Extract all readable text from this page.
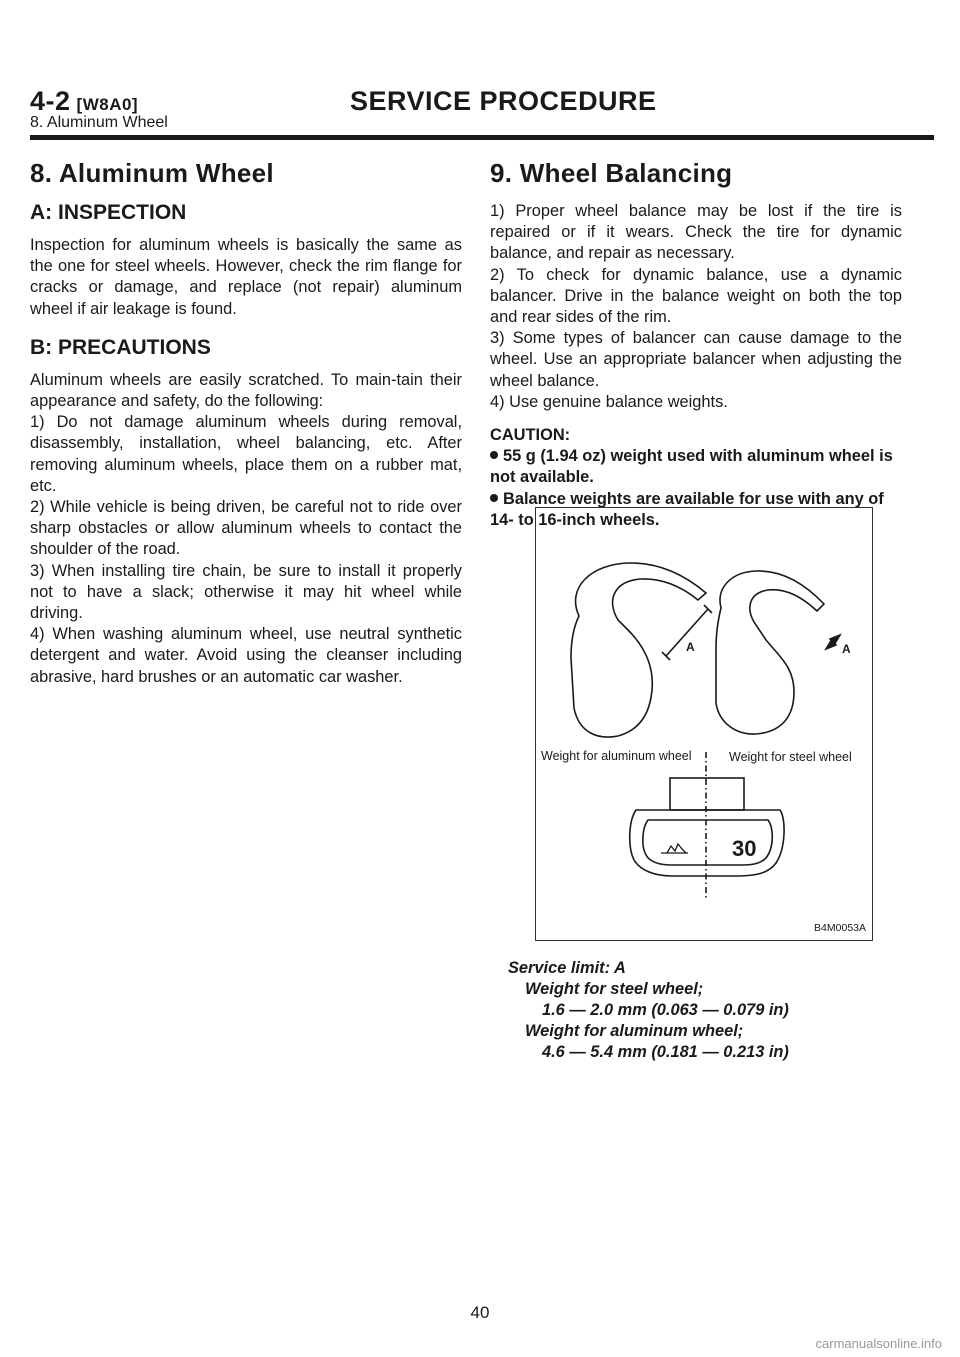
4-2 [W8A0]	SERVICE PROCEDURE
8. Aluminum Wheel
8. Aluminum Wheel
A: INSPECTION

Inspection for aluminum wheels is basically the same as the one for steel wheels. However, check the rim flange for cracks or damage, and replace (not repair) aluminum wheel if air leakage is found.

B: PRECAUTIONS

Aluminum wheels are easily scratched. To main-tain their appearance and safety, do the following:

1) Do not damage aluminum wheels during removal, disassembly, installation, wheel balancing, etc. After removing aluminum wheels, place them on a rubber mat, etc.

2) While vehicle is being driven, be careful not to ride over sharp obstacles or allow aluminum wheels to contact the shoulder of the road.

3) When installing tire chain, be sure to install it properly not to have a slack; otherwise it may hit wheel while driving.

4) When washing aluminum wheel, use neutral synthetic detergent and water. Avoid using the cleanser including abrasive, hard brushes or an automatic car washer.

9. Wheel Balancing

1) Proper wheel balance may be lost if the tire is repaired or if it wears. Check the tire for dynamic balance, and repair as necessary.

2) To check for dynamic balance, use a dynamic balancer. Drive in the balance weight on both the top and rear sides of the rim.

3) Some types of balancer can cause damage to the wheel. Use an appropriate balancer when adjusting the wheel balance.

4) Use genuine balance weights.

CAUTION:

55 g (1.94 oz) weight used with aluminum wheel is not available.

Balance weights are available for use with any of 14- to 16-inch wheels.

30
A	A
Weight for aluminum wheel	Weight for steel wheel
B4M0053A
Service limit: A
Weight for steel wheel;
1.6 — 2.0 mm (0.063 — 0.079 in)
Weight for aluminum wheel;
4.6 — 5.4 mm (0.181 — 0.213 in)
40
carmanualsonline.info
